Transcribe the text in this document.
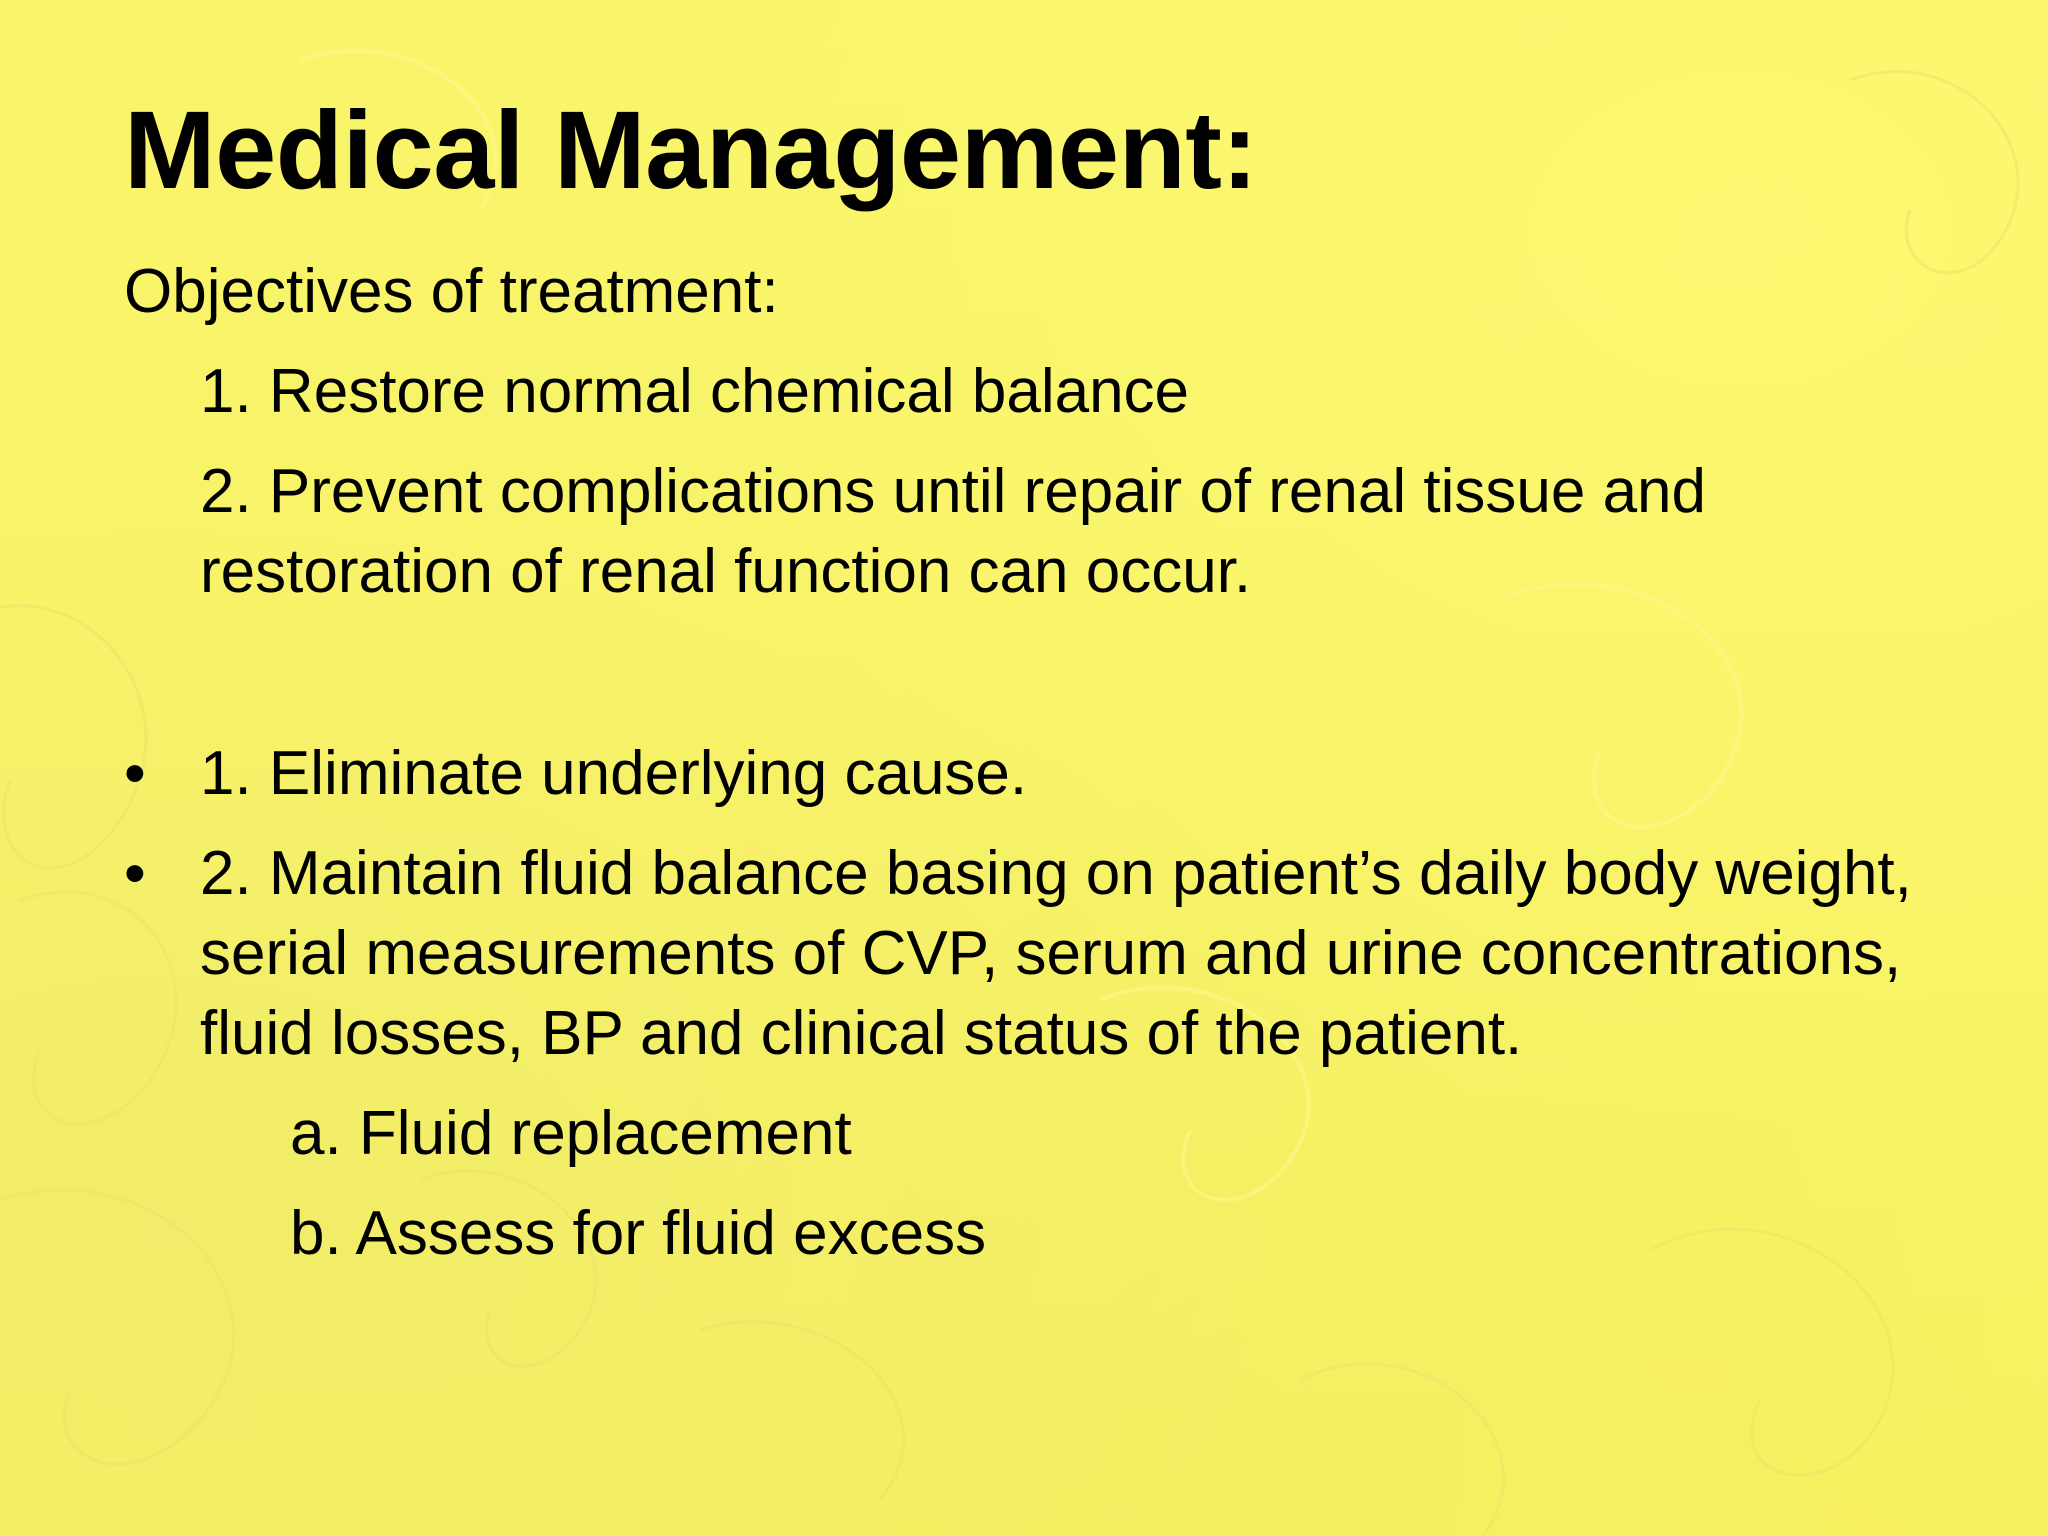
Medical Management:

Objectives of treatment:

1. Restore normal chemical balance

2. Prevent complications until repair of renal tissue and restoration of renal function can occur.

• 1. Eliminate underlying cause.
• 2. Maintain fluid balance basing on patient’s daily body weight, serial measurements of CVP, serum and urine concentrations, fluid losses, BP and clinical status of the patient.

a. Fluid replacement

b. Assess for fluid excess
